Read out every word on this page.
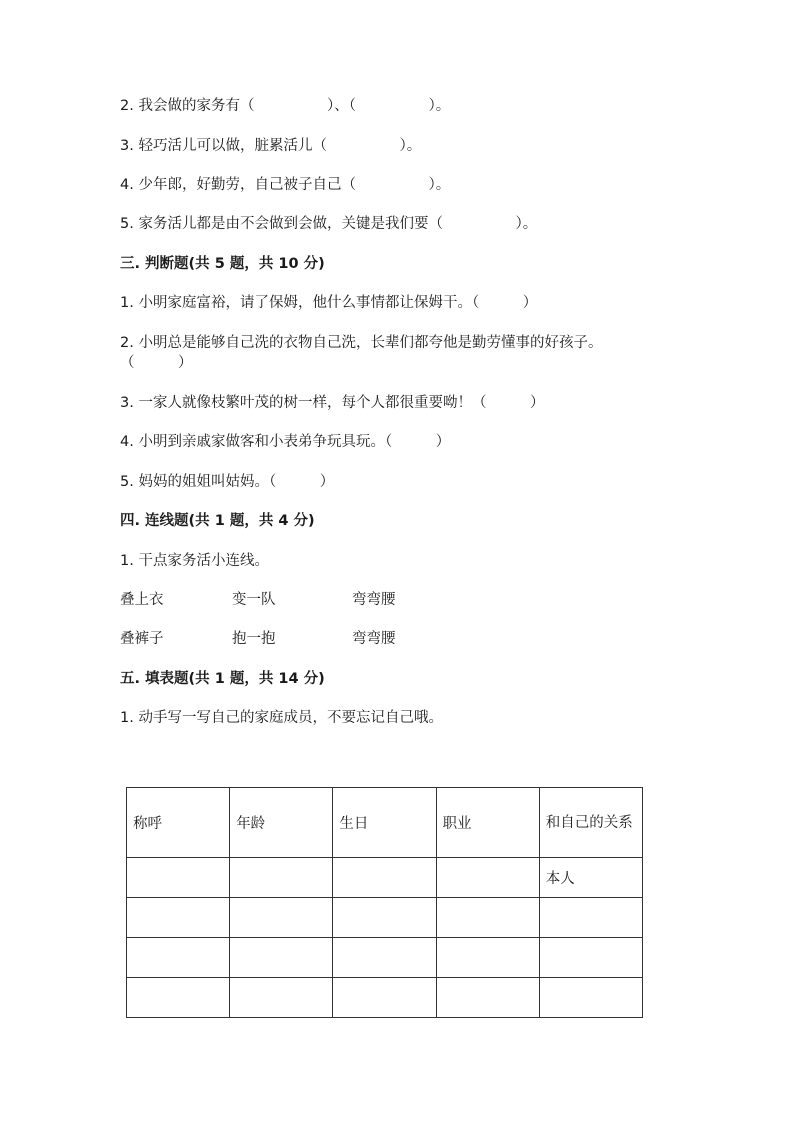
2. 我会做的家务有（　　　　　）、（　　　　　）。
3. 轻巧活儿可以做，脏累活儿（　　　　　）。
4. 少年郎，好勤劳，自己被子自己（　　　　　）。
5. 家务活儿都是由不会做到会做，关键是我们要（　　　　　）。
三. 判断题(共 5 题，共 10 分)
1. 小明家庭富裕，请了保姆，他什么事情都让保姆干。（　　　）
2. 小明总是能够自己洗的衣物自己洗，长辈们都夸他是勤劳懂事的好孩子。（　　　）
3. 一家人就像枝繁叶茂的树一样，每个人都很重要呦！（　　　）
4. 小明到亲戚家做客和小表弟争玩具玩。（　　　）
5. 妈妈的姐姐叫姑妈。（　　　）
四. 连线题(共 1 题，共 4 分)
1. 干点家务活小连线。
叠上衣	变一队	弯弯腰
叠裤子	抱一抱	弯弯腰
五. 填表题(共 1 题，共 14 分)
1. 动手写一写自己的家庭成员，不要忘记自己哦。
称呼	年龄	生日	职业	和自己的关系
				本人
